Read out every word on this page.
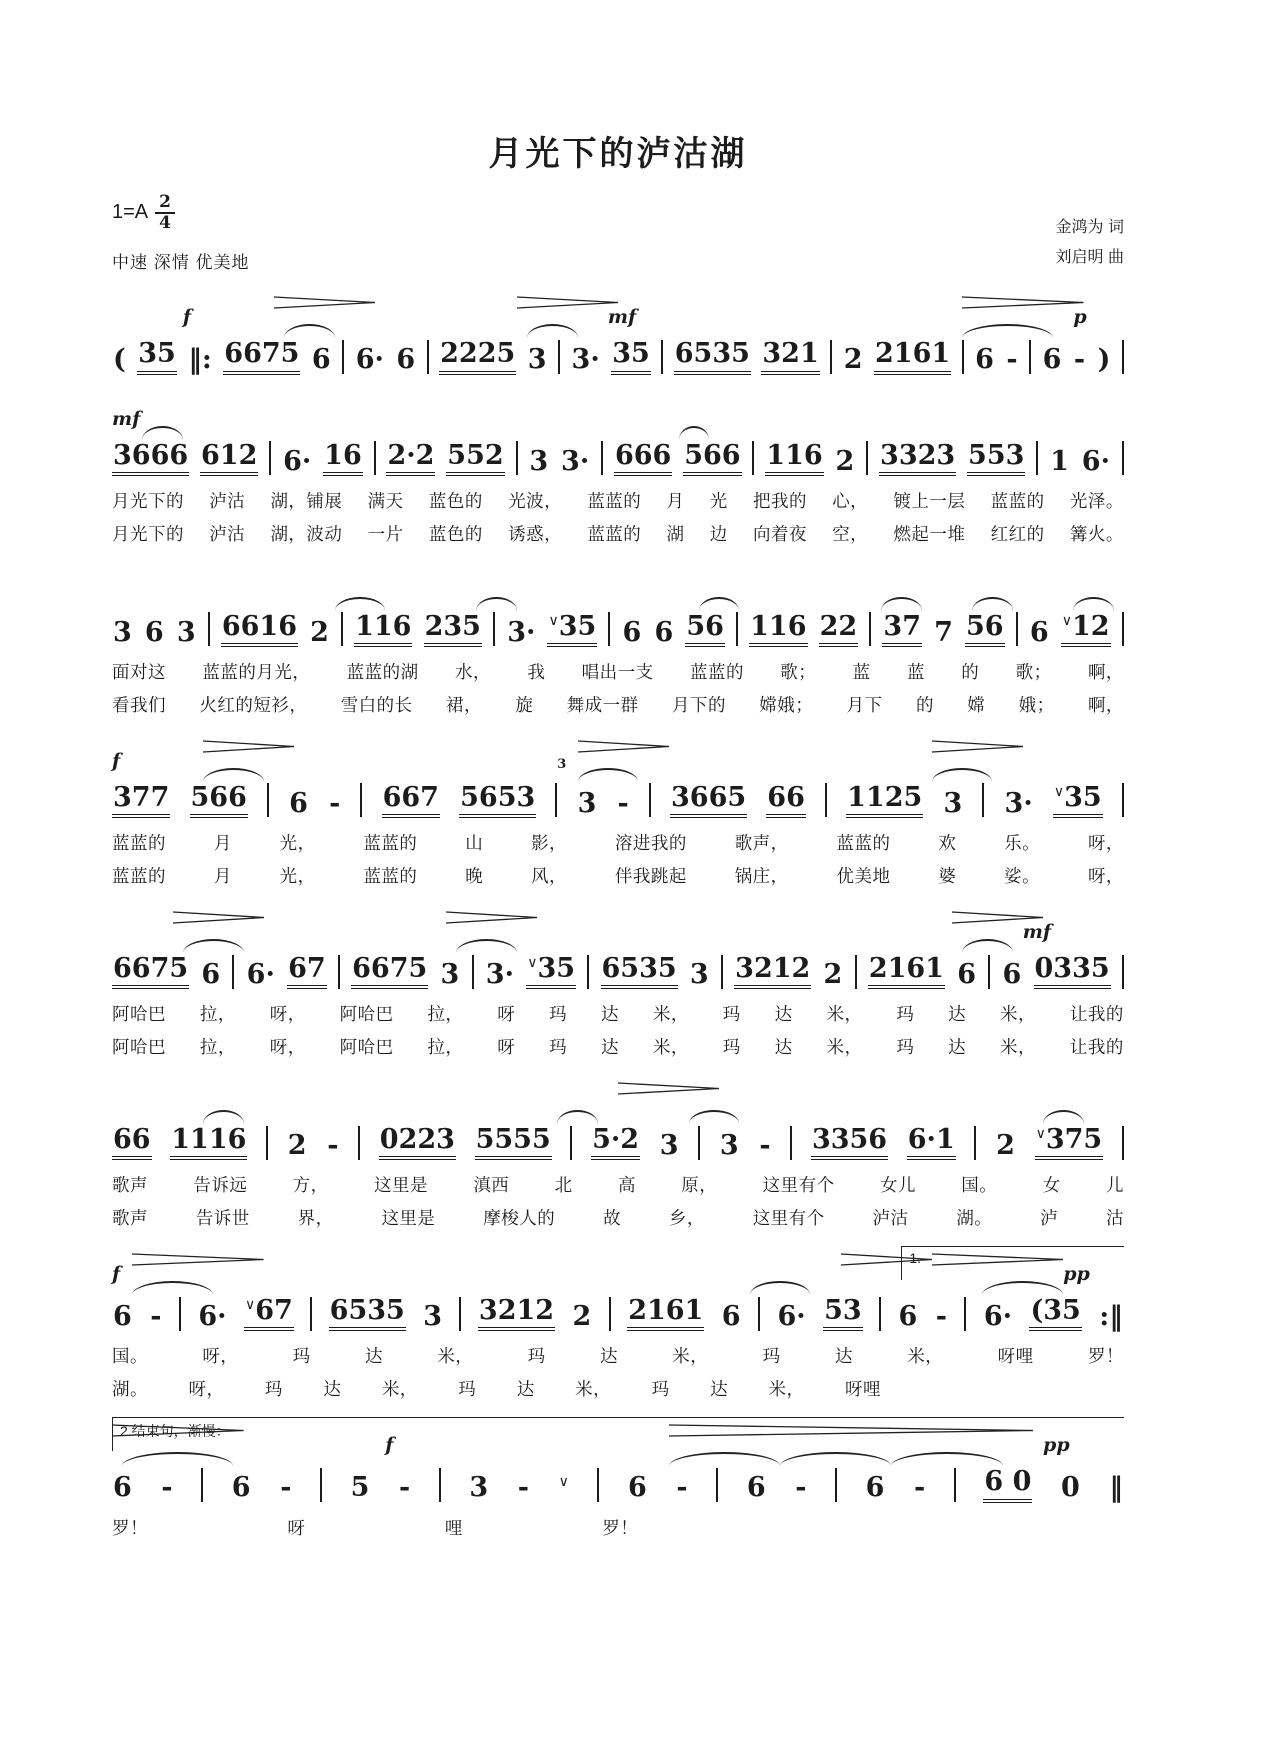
月光下的泸沽湖
$1=A \frac{2}{4}$
中速 深情 优美地
金鸿为 词
刘启明 曲
f	mf	p
( 35 ‖: 6675 6 6· 6 2225 3 3· 35 6535 321 2 2161 6 - 6 - )
mf
3666 612 6· 16 2·2 552 3 3· 666 566 116 2 3323 553 1 6·
月光下的 泸沽 湖，铺展 满天 蓝色的 光波， 蓝蓝的 月 光 把我的 心， 镀上一层 蓝蓝的 光泽。
月光下的 泸沽 湖，波动 一片 蓝色的 诱惑， 蓝蓝的 湖 边 向着夜 空， 燃起一堆 红红的 篝火。
3 6 3 6616 2 116 235 3· ∨35 6 6 56 116 22 37 7 56 6 ∨12
面对这 蓝蓝的月光， 蓝蓝的湖 水， 我 唱出一支 蓝蓝的 歌； 蓝 蓝 的 歌； 啊，
看我们 火红的短衫， 雪白的长 裙， 旋 舞成一群 月下的 嫦娥； 月下 的 嫦 娥； 啊，
f	3
377 566 6 - 667 5653 3 - 3665 66 1125 3 3· ∨35
蓝蓝的	月	光，	蓝蓝的	山	影，	溶进我的	歌声，	蓝蓝的	欢	乐。	呀，
蓝蓝的	月	光，	蓝蓝的	晚	风，	伴我跳起	锅庄，	优美地	婆	娑。	呀，
mf
6675 6 6· 67 6675 3 3· ∨35 6535 3 3212 2 2161 6 6 0335
阿哈巴 拉， 呀， 阿哈巴 拉， 呀 玛 达 米， 玛 达 米， 玛 达 米， 让我的
阿哈巴 拉， 呀， 阿哈巴 拉， 呀 玛 达 米， 玛 达 米， 玛 达 米， 让我的
66 1116 2 - 0223 5555 5·2 3 3 - 3356 6·1 2 ∨375
歌声	告诉远	方，	这里是	滇西	北	高	原，	这里有个	女儿	国。	女	儿
歌声	告诉世	界，	这里是	摩梭人的	故	乡，	这里有个	泸沽	湖。	泸	沽
f	pp
1.
6 - 6· ∨67 6535 3 3212 2 2161 6 6· 53 6 - 6· (35 :‖
国。	呀，	玛	达	米，	玛	达	米，	玛	达	米，	呀哩	罗！
湖。 呀， 玛 达 米， 玛 达 米， 玛 达 米， 呀哩
f	pp
2.结束句，渐慢：
6 - 6 - 5 - 3 - ∨ 6 - 6 - 6 - 6 0 0 ‖
罗！	呀	哩	罗！
